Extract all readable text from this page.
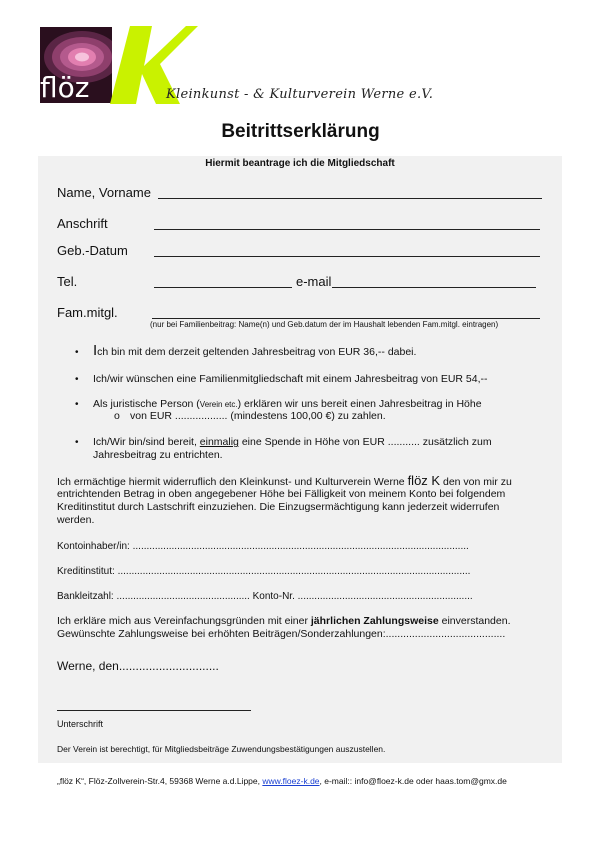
flöz	Kleinkunst - & Kulturverein Werne e.V.
Beitrittserklärung
Hiermit beantrage ich die Mitgliedschaft
Name, Vorname
Anschrift
Geb.-Datum
Tel.	e-mail
Fam.mitgl.
(nur bei Familienbeitrag: Name(n) und Geb.datum der im Haushalt lebenden Fam.mitgl. eintragen)
• Ich bin mit dem derzeit geltenden Jahresbeitrag von EUR 36,-- dabei.
• Ich/wir wünschen eine Familienmitgliedschaft mit einem Jahresbeitrag von EUR 54,--
• Als juristische Person (Verein etc.) erklären wir uns bereit einen Jahresbeitrag in Höhe
o von EUR .................. (mindestens 100,00 €) zu zahlen.
• Ich/Wir bin/sind bereit, einmalig eine Spende in Höhe von EUR ........... zusätzlich zum
Jahresbeitrag zu entrichten.
Ich ermächtige hiermit widerruflich den Kleinkunst- und Kulturverein Werne flöz K den von mir zu
entrichtenden Betrag in oben angegebener Höhe bei Fälligkeit von meinem Konto bei folgendem
Kreditinstitut durch Lastschrift einzuziehen. Die Einzugsermächtigung kann jederzeit widerrufen
werden.
Kontoinhaber/in: .........................................................................................................................
Kreditinstitut: ...............................................................................................................................
Bankleitzahl: ................................................ Konto-Nr. ...............................................................
Ich erkläre mich aus Vereinfachungsgründen mit einer jährlichen Zahlungsweise einverstanden.
Gewünschte Zahlungsweise bei erhöhten Beiträgen/Sonderzahlungen:.........................................
Werne, den..............................
Unterschrift
Der Verein ist berechtigt, für Mitgliedsbeiträge Zuwendungsbestätigungen auszustellen.
„flöz K“, Flöz-Zollverein-Str.4, 59368 Werne a.d.Lippe, www.floez-k.de, e-mail:: info@floez-k.de oder haas.tom@gmx.de
